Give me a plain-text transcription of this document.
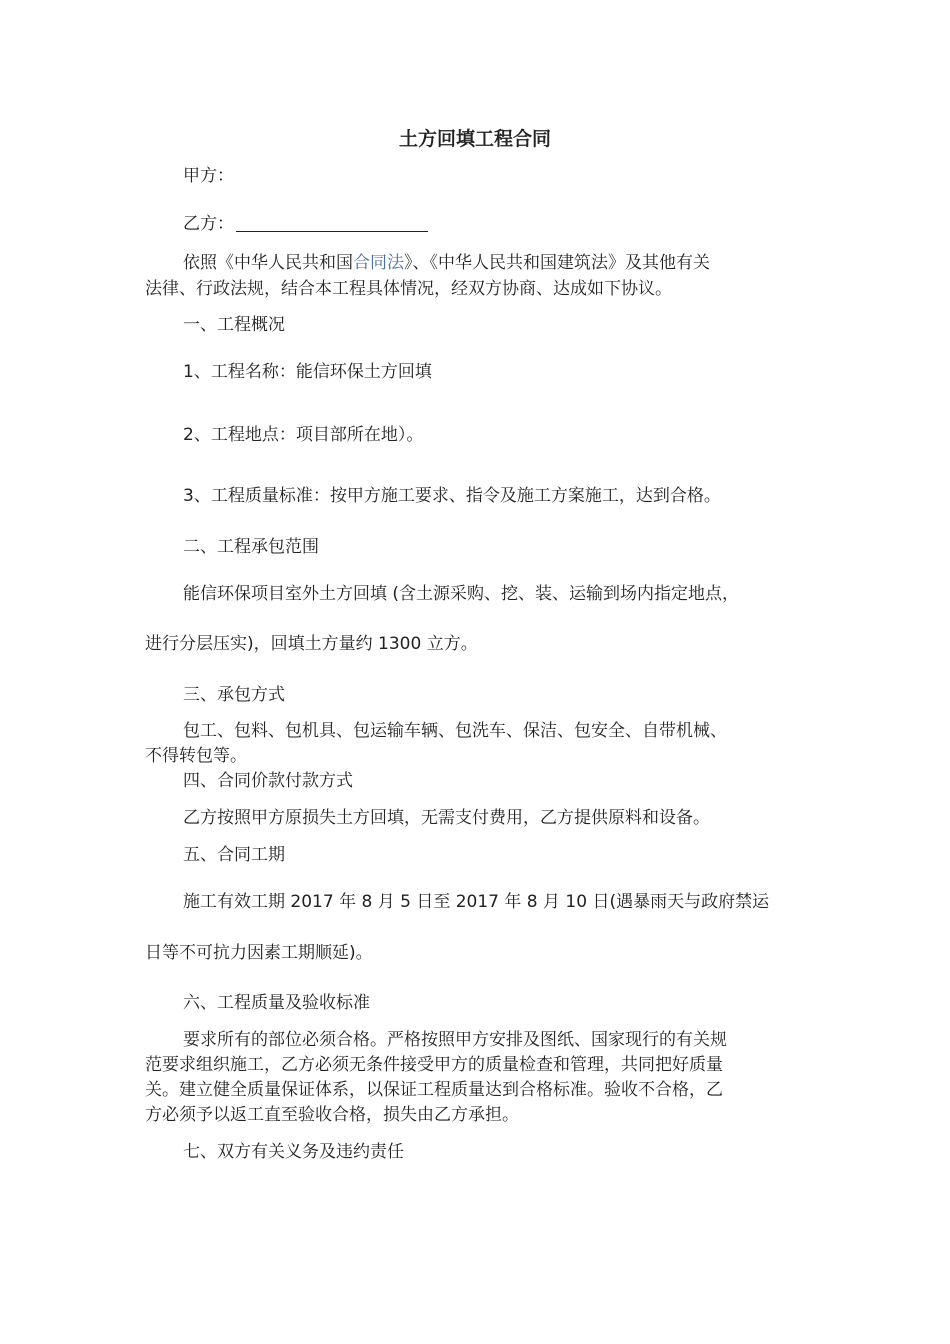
土方回填工程合同
甲方：
乙方：
依照《中华人民共和国合同法》、《中华人民共和国建筑法》及其他有关
法律、行政法规，结合本工程具体情况，经双方协商、达成如下协议。
一、工程概况
1、工程名称：能信环保土方回填
2、工程地点：项目部所在地）。
3、工程质量标准：按甲方施工要求、指令及施工方案施工，达到合格。
二、工程承包范围
能信环保项目室外土方回填 (含土源采购、挖、装、运输到场内指定地点，
进行分层压实)，回填土方量约 1300 立方。
三、承包方式
包工、包料、包机具、包运输车辆、包洗车、保洁、包安全、自带机械、
不得转包等。
四、合同价款付款方式
乙方按照甲方原损失土方回填，无需支付费用，乙方提供原料和设备。
五、合同工期
施工有效工期 2017 年 8 月 5 日至 2017 年 8 月 10 日(遇暴雨天与政府禁运
日等不可抗力因素工期顺延)。
六、工程质量及验收标准
要求所有的部位必须合格。严格按照甲方安排及图纸、国家现行的有关规
范要求组织施工，乙方必须无条件接受甲方的质量检查和管理，共同把好质量
关。建立健全质量保证体系，以保证工程质量达到合格标准。验收不合格，乙
方必须予以返工直至验收合格，损失由乙方承担。
七、双方有关义务及违约责任
